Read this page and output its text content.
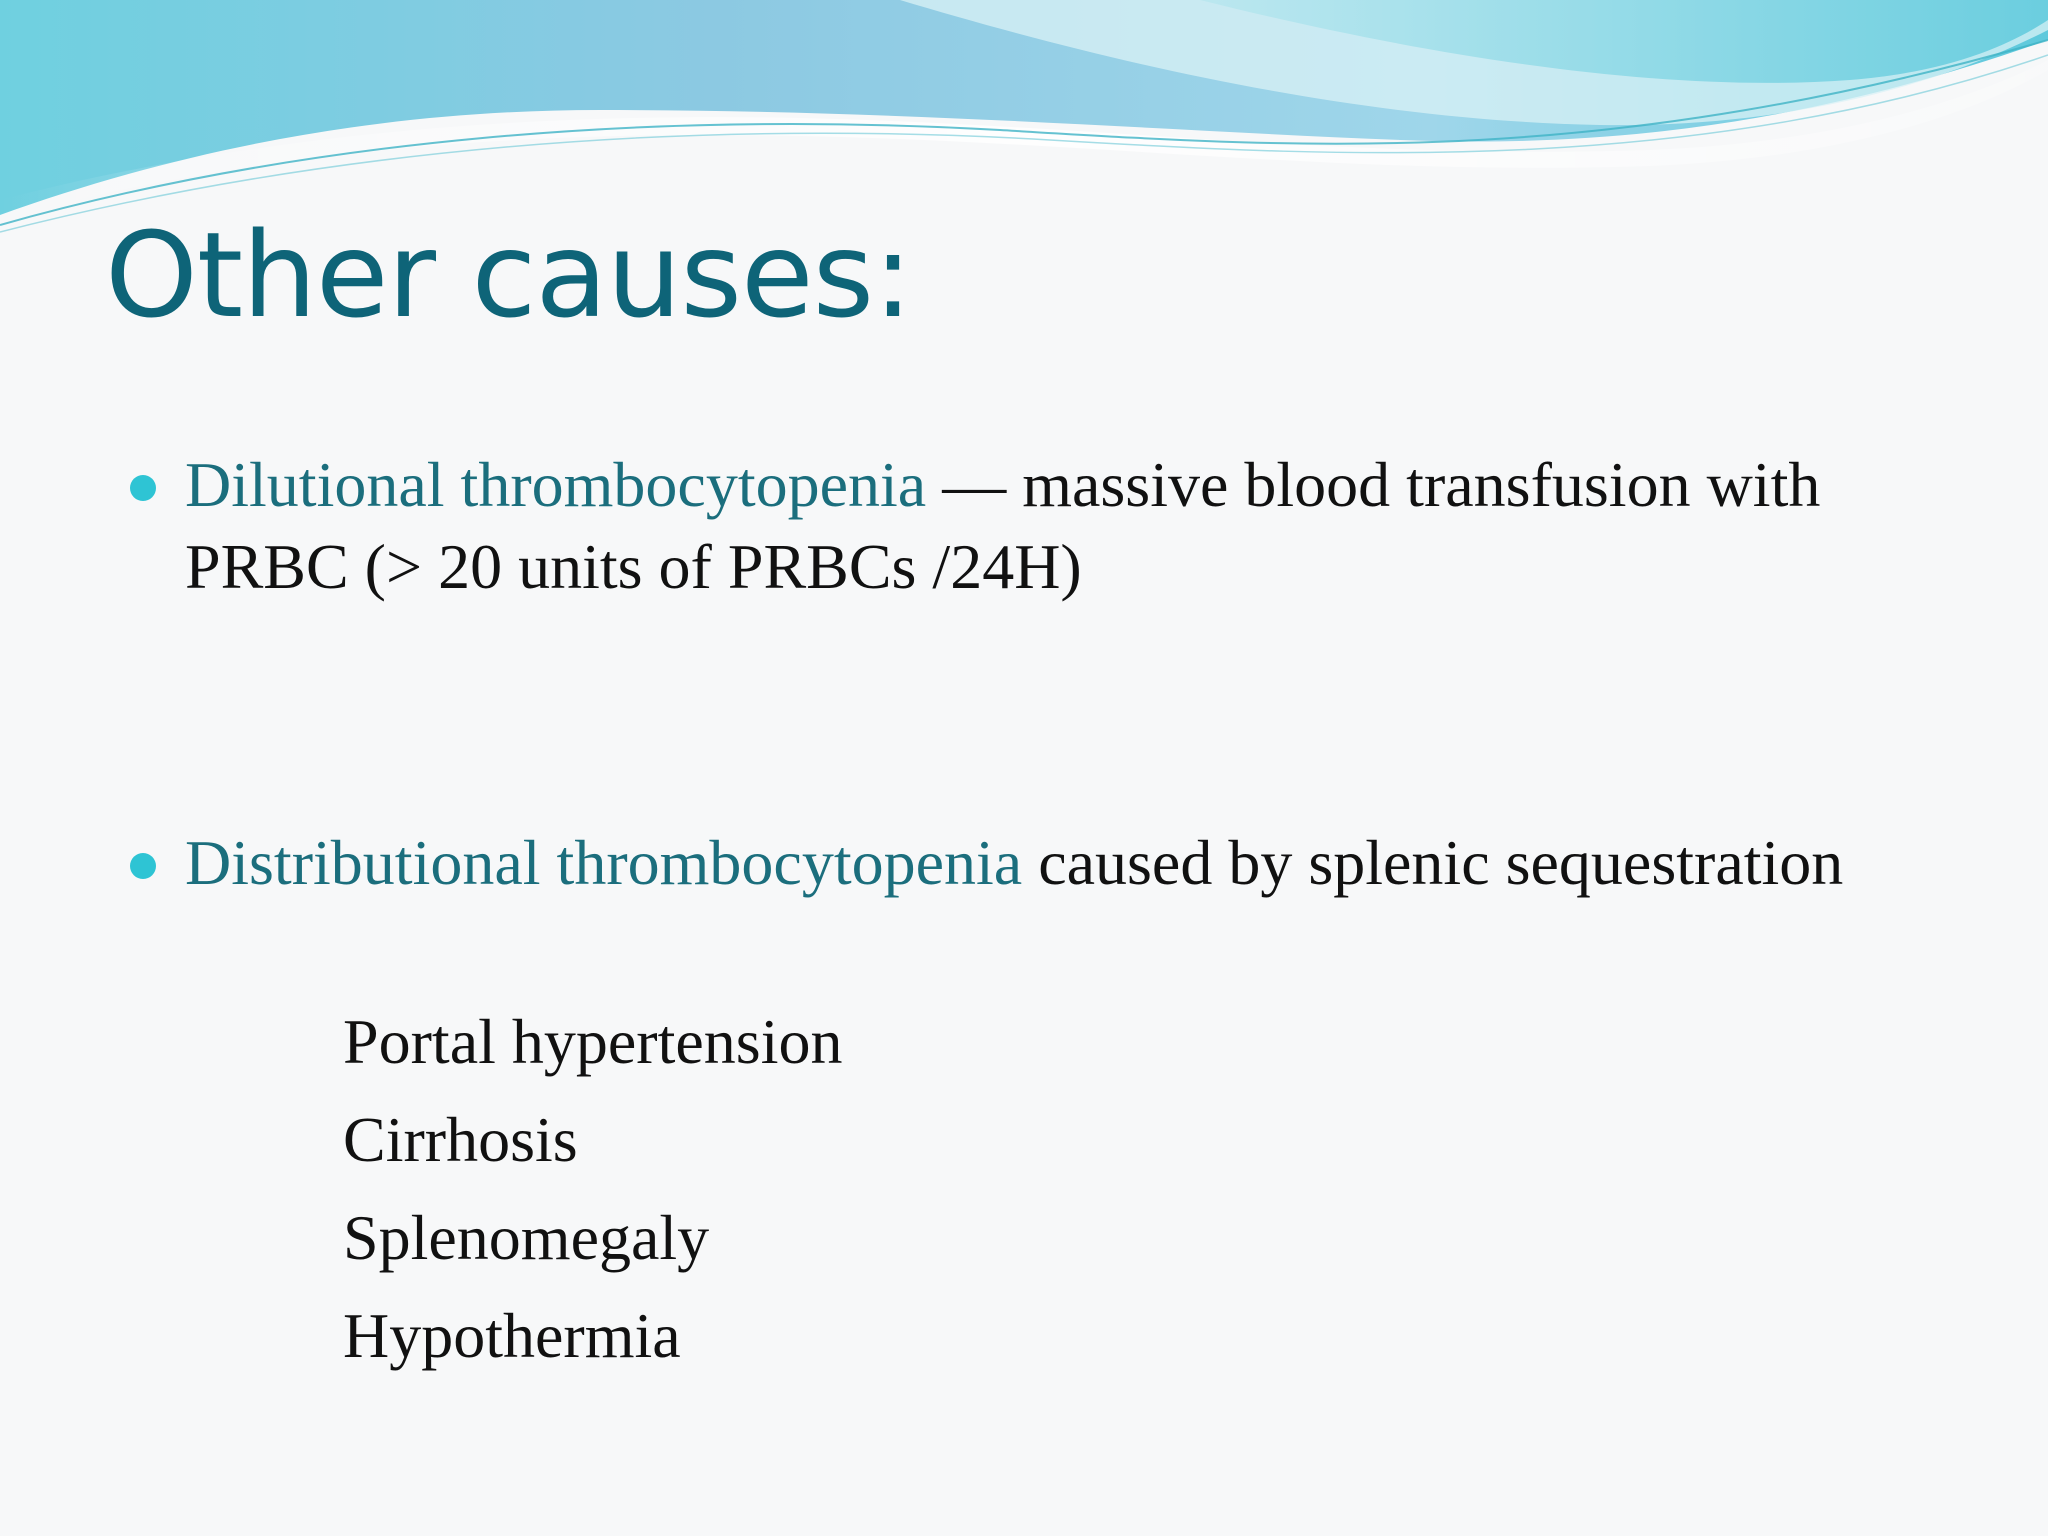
Other causes:
Dilutional thrombocytopenia — massive blood transfusion with PRBC (> 20 units of PRBCs /24H)
Distributional thrombocytopenia caused by splenic sequestration
Portal hypertension
Cirrhosis
Splenomegaly
Hypothermia
